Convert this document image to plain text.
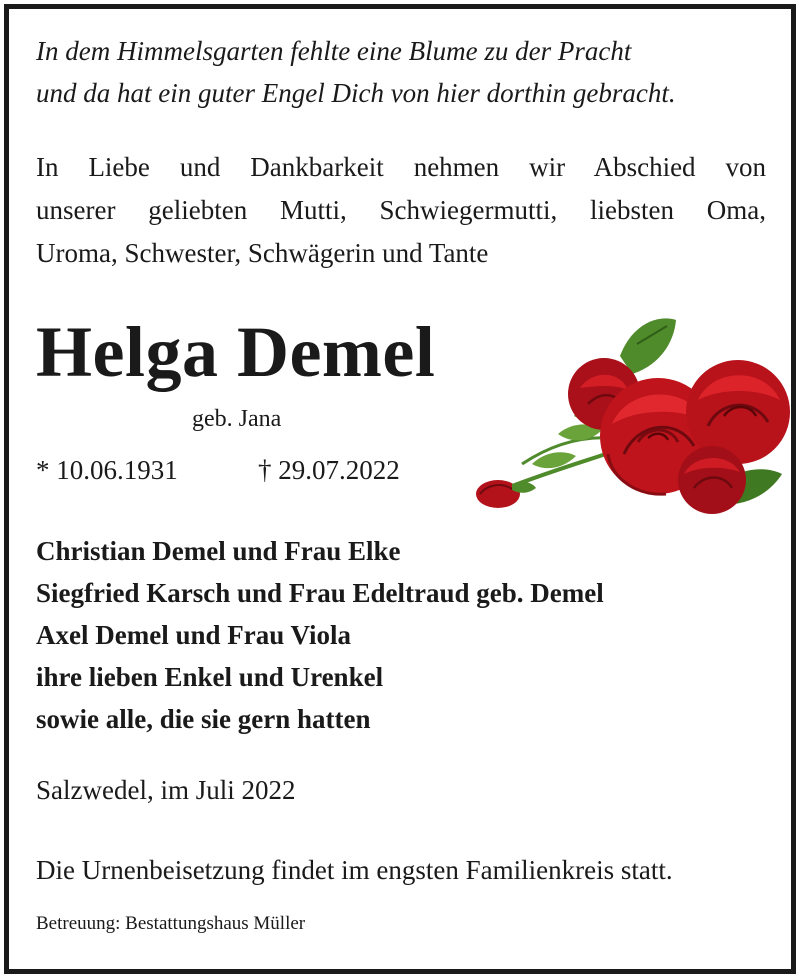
In dem Himmelsgarten fehlte eine Blume zu der Pracht
und da hat ein guter Engel Dich von hier dorthin gebracht.
In Liebe und Dankbarkeit nehmen wir Abschied von
unserer geliebten Mutti, Schwiegermutti, liebsten Oma,
Uroma, Schwester, Schwägerin und Tante
Helga Demel
geb. Jana
* 10.06.1931	† 29.07.2022
Christian Demel und Frau Elke
Siegfried Karsch und Frau Edeltraud geb. Demel
Axel Demel und Frau Viola
ihre lieben Enkel und Urenkel
sowie alle, die sie gern hatten
Salzwedel, im Juli 2022
Die Urnenbeisetzung findet im engsten Familienkreis statt.
Betreuung: Bestattungshaus Müller
